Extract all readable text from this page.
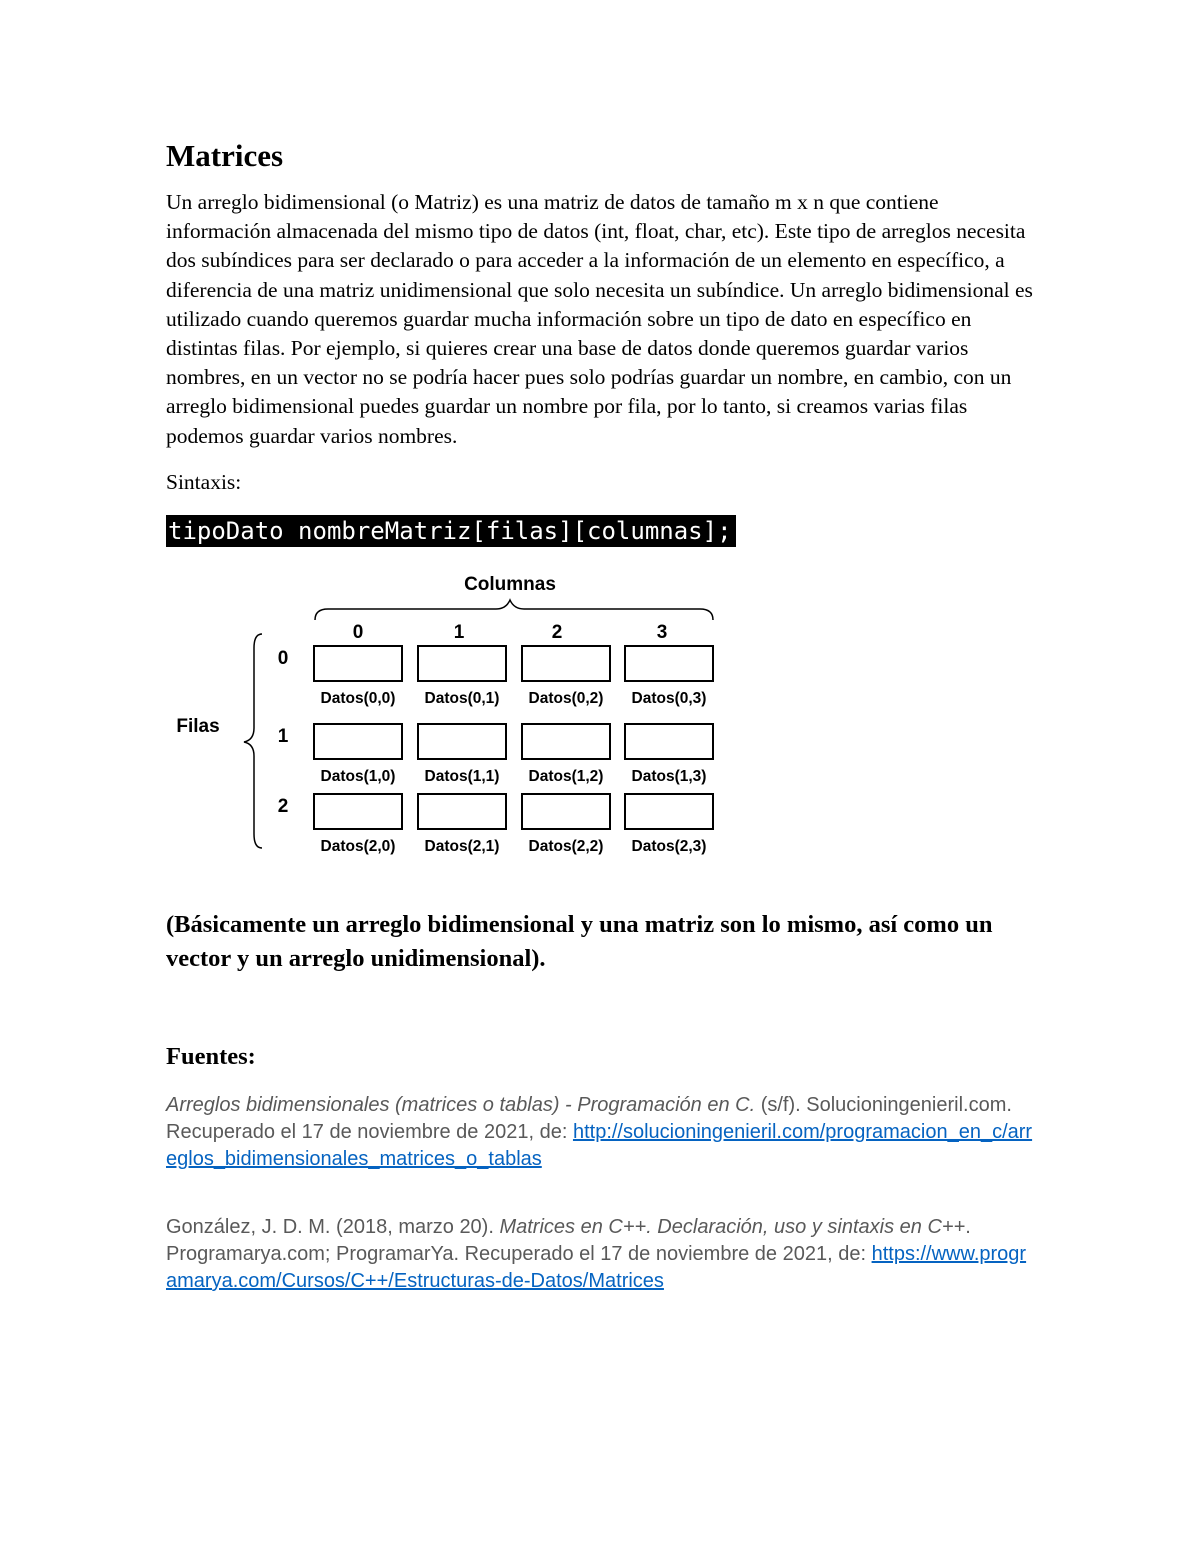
Matrices

Un arreglo bidimensional (o Matriz) es una matriz de datos de tamaño m x n que contiene información almacenada del mismo tipo de datos (int, float, char, etc). Este tipo de arreglos necesita dos subíndices para ser declarado o para acceder a la información de un elemento en específico, a diferencia de una matriz unidimensional que solo necesita un subíndice. Un arreglo bidimensional es utilizado cuando queremos guardar mucha información sobre un tipo de dato en específico en distintas filas. Por ejemplo, si quieres crear una base de datos donde queremos guardar varios nombres, en un vector no se podría hacer pues solo podrías guardar un nombre, en cambio, con un arreglo bidimensional puedes guardar un nombre por fila, por lo tanto, si creamos varias filas podemos guardar varios nombres.

Sintaxis:

tipoDato nombreMatriz[filas][columnas];
Columnas
Filas
0	1	2	3
0
Datos(0,0) Datos(0,1) Datos(0,2) Datos(0,3)
1
Datos(1,0) Datos(1,1) Datos(1,2) Datos(1,3)
2
Datos(2,0) Datos(2,1) Datos(2,2) Datos(2,3)

(Básicamente un arreglo bidimensional y una matriz son lo mismo, así como un vector y un arreglo unidimensional).

Fuentes:

Arreglos bidimensionales (matrices o tablas) - Programación en C. (s/f). Solucioningenieril.com. Recuperado el 17 de noviembre de 2021, de: http://solucioningenieril.com/programacion_en_c/arreglos_bidimensionales_matrices_o_tablas

González, J. D. M. (2018, marzo 20). Matrices en C++. Declaración, uso y sintaxis en C++. Programarya.com; ProgramarYa. Recuperado el 17 de noviembre de 2021, de: https://www.programarya.com/Cursos/C++/Estructuras-de-Datos/Matrices
